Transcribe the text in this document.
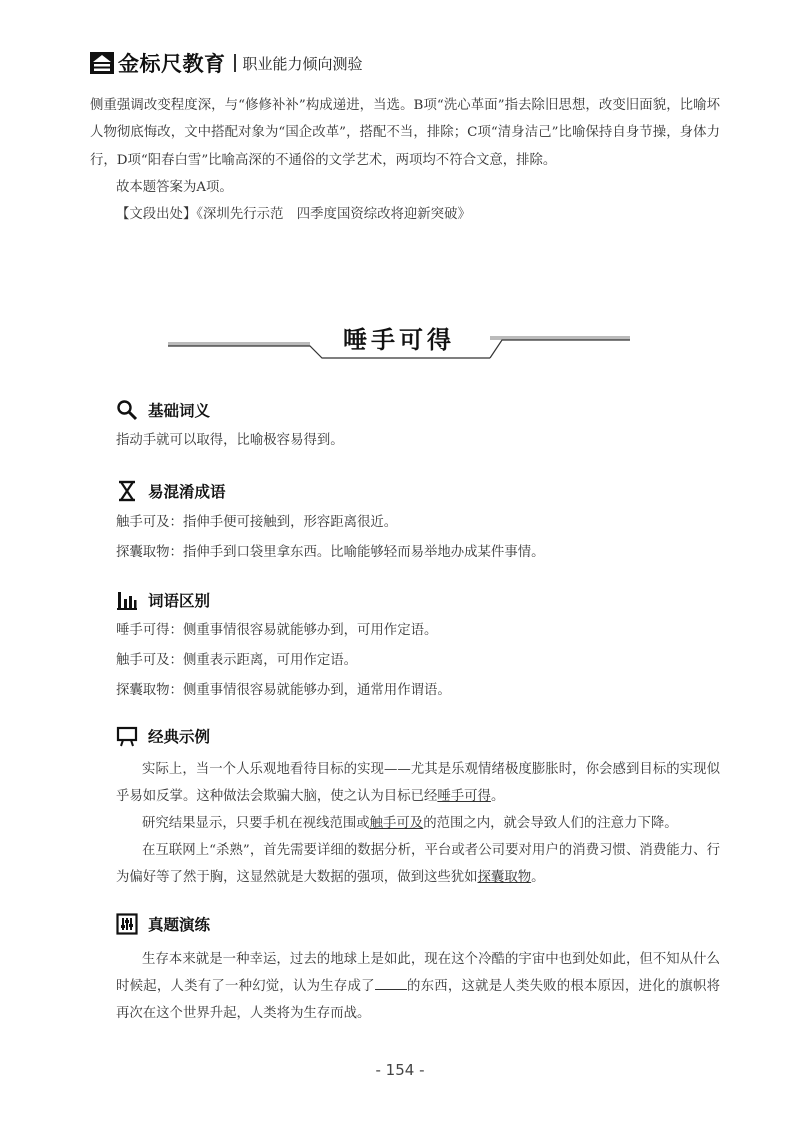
金标尺教育 职业能力倾向测验

侧重强调改变程度深，与“修修补补”构成递进，当选。B项“洗心革面”指去除旧思想，改变旧面貌，比喻坏人物彻底悔改，文中搭配对象为“国企改革”，搭配不当，排除；C项“清身洁己”比喻保持自身节操，身体力行，D项“阳春白雪”比喻高深的不通俗的文学艺术，两项均不符合文意，排除。

故本题答案为A项。

【文段出处】《深圳先行示范　四季度国资综改将迎新突破》

唾手可得
基础词义

指动手就可以取得，比喻极容易得到。

易混淆成语

触手可及：指伸手便可接触到，形容距离很近。

探囊取物：指伸手到口袋里拿东西。比喻能够轻而易举地办成某件事情。

词语区别

唾手可得：侧重事情很容易就能够办到，可用作定语。

触手可及：侧重表示距离，可用作定语。

探囊取物：侧重事情很容易就能够办到，通常用作谓语。

经典示例

实际上，当一个人乐观地看待目标的实现——尤其是乐观情绪极度膨胀时，你会感到目标的实现似乎易如反掌。这种做法会欺骗大脑，使之认为目标已经唾手可得。

研究结果显示，只要手机在视线范围或触手可及的范围之内，就会导致人们的注意力下降。

在互联网上“杀熟”，首先需要详细的数据分析，平台或者公司要对用户的消费习惯、消费能力、行为偏好等了然于胸，这显然就是大数据的强项，做到这些犹如探囊取物。

真题演练

生存本来就是一种幸运，过去的地球上是如此，现在这个冷酷的宇宙中也到处如此，但不知从什么时候起，人类有了一种幻觉，认为生存成了 的东西，这就是人类失败的根本原因，进化的旗帜将再次在这个世界升起，人类将为生存而战。

- 154 -
